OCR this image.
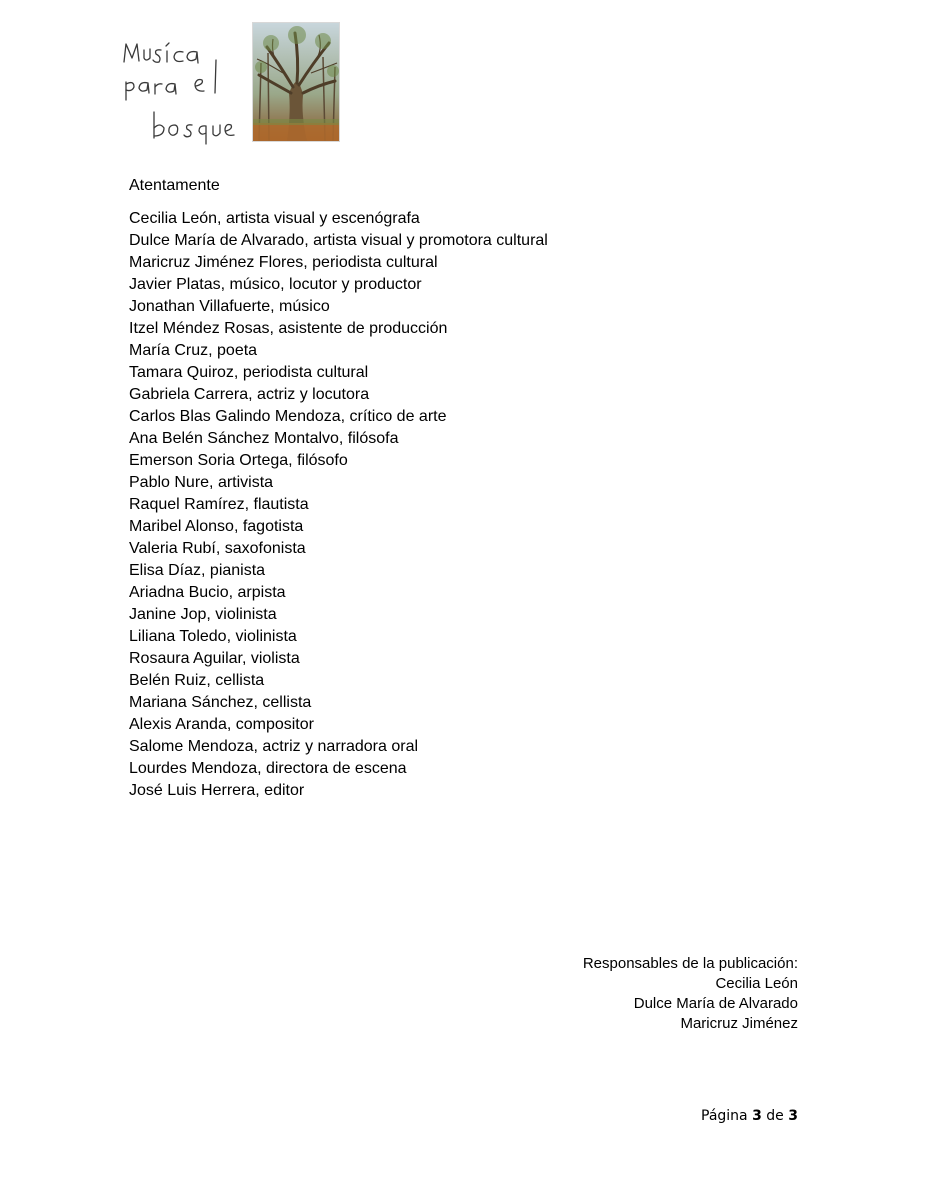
Atentamente

Cecilia León, artista visual y escenógrafa
Dulce María de Alvarado, artista visual y promotora cultural
Maricruz Jiménez Flores, periodista cultural
Javier Platas, músico, locutor y productor
Jonathan Villafuerte, músico
Itzel Méndez Rosas, asistente de producción
María Cruz, poeta
Tamara Quiroz, periodista cultural
Gabriela Carrera, actriz y locutora
Carlos Blas Galindo Mendoza, crítico de arte
Ana Belén Sánchez Montalvo, filósofa
Emerson Soria Ortega, filósofo
Pablo Nure, artivista
Raquel Ramírez, flautista
Maribel Alonso, fagotista
Valeria Rubí, saxofonista
Elisa Díaz, pianista
Ariadna Bucio, arpista
Janine Jop, violinista
Liliana Toledo, violinista
Rosaura Aguilar, violista
Belén Ruiz, cellista
Mariana Sánchez, cellista
Alexis Aranda, compositor
Salome Mendoza, actriz y narradora oral
Lourdes Mendoza, directora de escena
José Luis Herrera, editor
Responsables de la publicación:
Cecilia León
Dulce María de Alvarado
Maricruz Jiménez
Página 3 de 3
